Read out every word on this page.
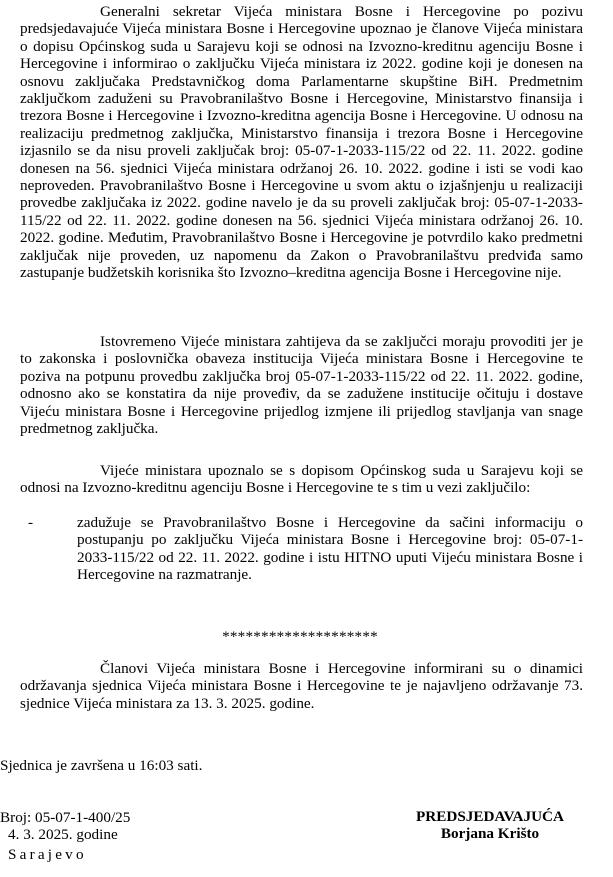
Generalni sekretar Vijeća ministara Bosne i Hercegovine po pozivu predsjedavajuće Vijeća ministara Bosne i Hercegovine upoznao je članove Vijeća ministara o dopisu Općinskog suda u Sarajevu koji se odnosi na Izvozno-kreditnu agenciju Bosne i Hercegovine i informirao o zaključku Vijeća ministara iz 2022. godine koji je donesen na osnovu zaključaka Predstavničkog doma Parlamentarne skupštine BiH. Predmetnim zaključkom zaduženi su Pravobranilaštvo Bosne i Hercegovine, Ministarstvo finansija i trezora Bosne i Hercegovine i Izvozno-kreditna agencija Bosne i Hercegovine. U odnosu na realizaciju predmetnog zaključka, Ministarstvo finansija i trezora Bosne i Hercegovine izjasnilo se da nisu proveli zaključak broj: 05-07-1-2033-115/22 od 22. 11. 2022. godine donesen na 56. sjednici Vijeća ministara održanoj 26. 10. 2022. godine i isti se vodi kao neproveden. Pravobranilaštvo Bosne i Hercegovine u svom aktu o izjašnjenju u realizaciji provedbe zaključaka iz 2022. godine navelo je da su proveli zaključak broj: 05-07-1-2033-115/22 od 22. 11. 2022. godine donesen na 56. sjednici Vijeća ministara održanoj 26. 10. 2022. godine. Međutim, Pravobranilaštvo Bosne i Hercegovine je potvrdilo kako predmetni zaključak nije proveden, uz napomenu da Zakon o Pravobranilaštvu predviđa samo zastupanje budžetskih korisnika što Izvozno–kreditna agencija Bosne i Hercegovine nije.

Istovremeno Vijeće ministara zahtijeva da se zaključci moraju provoditi jer je to zakonska i poslovnička obaveza institucija Vijeća ministara Bosne i Hercegovine te poziva na potpunu provedbu zaključka broj 05-07-1-2033-115/22 od 22. 11. 2022. godine, odnosno ako se konstatira da nije proveđiv, da se zadužene institucije očituju i dostave Vijeću ministara Bosne i Hercegovine prijedlog izmjene ili prijedlog stavljanja van snage predmetnog zaključka.

Vijeće ministara upoznalo se s dopisom Općinskog suda u Sarajevu koji se odnosi na Izvozno-kreditnu agenciju Bosne i Hercegovine te s tim u vezi zaključilo:

-	zadužuje se Pravobranilaštvo Bosne i Hercegovine da sačini informaciju o postupanju po zaključku Vijeća ministara Bosne i Hercegovine broj: 05-07-1-2033-115/22 od 22. 11. 2022. godine i istu HITNO uputi Vijeću ministara Bosne i Hercegovine na razmatranje.

********************

Članovi Vijeća ministara Bosne i Hercegovine informirani su o dinamici održavanja sjednica Vijeća ministara Bosne i Hercegovine te je najavljeno održavanje 73. sjednice Vijeća ministara za 13. 3. 2025. godine.

Sjednica je završena u 16:03 sati.

Broj: 05-07-1-400/25

4. 3. 2025. godine

Sarajevo

PREDSJEDAVAJUĆA
Borjana Krišto
